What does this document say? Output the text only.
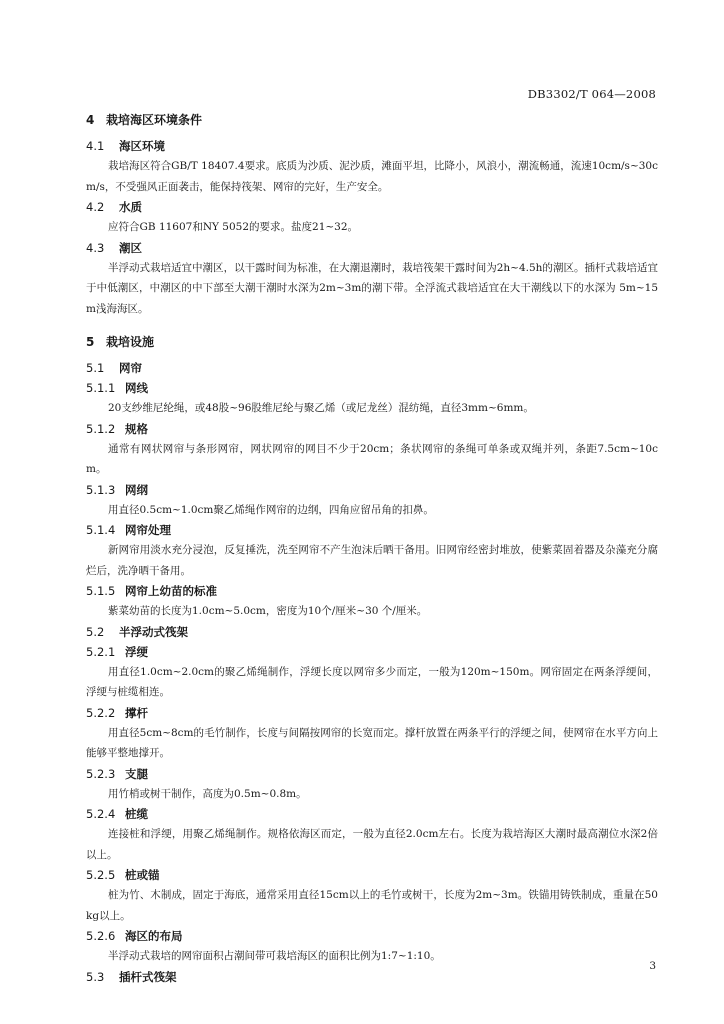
DB3302/T 064—2008
4 栽培海区环境条件
4.1	海区环境

栽培海区符合GB/T 18407.4要求。底质为沙质、泥沙质，滩面平坦，比降小，风浪小，潮流畅通，流速10cm/s~30cm/s，不受强风正面袭击，能保持筏架、网帘的完好，生产安全。

4.2	水质

应符合GB 11607和NY 5052的要求。盐度21~32。

4.3	潮区

半浮动式栽培适宜中潮区，以干露时间为标准，在大潮退潮时，栽培筏架干露时间为2h~4.5h的潮区。插杆式栽培适宜于中低潮区，中潮区的中下部至大潮干潮时水深为2m~3m的潮下带。全浮流式栽培适宜在大干潮线以下的水深为 5m~15m浅海海区。

5 栽培设施
5.1	网帘
5.1.1 网线

20支纱维尼纶绳，或48股~96股维尼纶与聚乙烯（或尼龙丝）混纺绳，直径3mm~6mm。

5.1.2 规格

通常有网状网帘与条形网帘，网状网帘的网目不少于20cm；条状网帘的条绳可单条或双绳并列，条距7.5cm~10cm。

5.1.3 网纲

用直径0.5cm~1.0cm聚乙烯绳作网帘的边纲，四角应留吊角的扣鼻。

5.1.4 网帘处理

新网帘用淡水充分浸泡，反复捶洗，洗至网帘不产生泡沫后晒干备用。旧网帘经密封堆放，使紫菜固着器及杂藻充分腐烂后，洗净晒干备用。

5.1.5 网帘上幼苗的标准

紫菜幼苗的长度为1.0cm~5.0cm，密度为10个/厘米~30 个/厘米。

5.2	半浮动式筏架
5.2.1 浮绠

用直径1.0cm~2.0cm的聚乙烯绳制作，浮绠长度以网帘多少而定，一般为120m~150m。网帘固定在两条浮绠间，浮绠与桩缆相连。

5.2.2 撑杆

用直径5cm~8cm的毛竹制作，长度与间隔按网帘的长宽而定。撑杆放置在两条平行的浮绠之间，使网帘在水平方向上能够平整地撑开。

5.2.3 支腿

用竹梢或树干制作，高度为0.5m~0.8m。

5.2.4 桩缆

连接桩和浮绠，用聚乙烯绳制作。规格依海区而定，一般为直径2.0cm左右。长度为栽培海区大潮时最高潮位水深2倍以上。

5.2.5 桩或锚

桩为竹、木制成，固定于海底，通常采用直径15cm以上的毛竹或树干，长度为2m~3m。铁锚用铸铁制成，重量在50kg以上。

5.2.6 海区的布局

半浮动式栽培的网帘面积占潮间带可栽培海区的面积比例为1:7~1:10。

5.3	插杆式筏架
3
